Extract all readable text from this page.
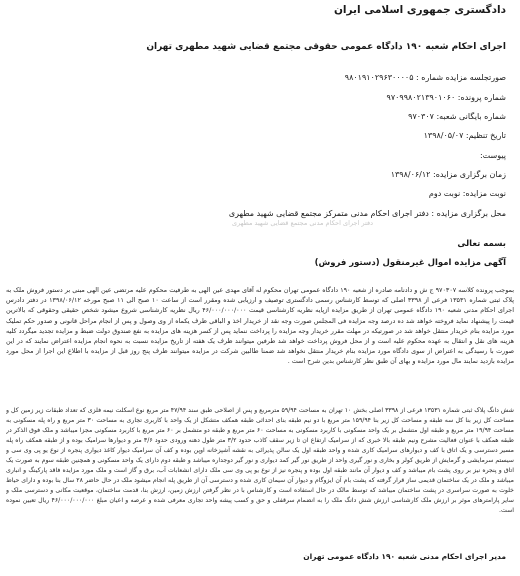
دادگستری جمهوری اسلامی ایران
اجرای احکام شعبه ۱۹۰ دادگاه عمومی حقوقی مجتمع قضایی شهید مطهری تهران
صورتجلسه مزایده شماره : ۹۸۰۱۹۱۰۲۹۶۳۰۰۰۰۵
شماره پرونده: ۹۷۰۹۹۸۰۲۱۳۹۰۱۰۶۰
شماره بایگانی شعبه: ۹۷۰۳۰۷
تاریخ تنظیم: ۱۳۹۸/۰۵/۰۷
پیوست:
زمان برگزاری مزایده: ۱۳۹۸/۰۶/۱۲
نوبت مزایده: نوبت دوم
محل برگزاری مزایده : دفتر اجرای احکام مدنی متمرکز مجتمع قضایی شهید مطهری
بسمه تعالی
آگهی مزایده اموال غیرمنقول (دستور فروش)
دفتر اجرای احکام مدنی مجتمع قضایی شهید مطهری
بموجب پرونده کلاسه ۹۷۰۳۰۷ ج ش و دادنامه صادره از شعبه ۱۹۰ دادگاه عمومی تهران محکوم له آقای مهدی عین الهی به طرفیت محکوم علیه مرتضی عین الهی مبنی بر دستور فروش ملک به پلاک ثبتی شماره ۱۳۵۳۱ فرعی از ۳۳۹۸ اصلی که توسط کارشناس رسمی دادگستری توصیف و ارزیابی شده ومقرر است از ساعت ۱۰ صبح الی ۱۱ صبح مورخه ۱۳۹۸/۰۶/۱۲ در دفتر دادرس اجرای احکام مدنی شعبه ۱۹۰ دادگاه عمومی تهران از طریق مزایده ازپایه نظریه کارشناسی قیمت ۴۶/۰۰۰/۰۰۰/۰۰۰ ریال نظریه کارشناسی شروع میشود شخص حقیقی وحقوقی که بالاترین قیمت را پیشنهاد نماید فروخته خواهد شد ده درصد وجه مزایده فی المجلس صورت وجه نقد از خریدار اخذ و الباقی ظرف یکماه از وی وصول و پس از انجام مراحل قانونی و صدور حکم تملیک مورد مزایده بنام خریدار منتقل خواهد شد در صورتیکه در مهلت مقرر خریدار وجه مزایده را پرداخت ننماید پس از کسر هزینه های مزایده به نفع صندوق دولت ضبط و مزایده تجدید میگردد کلیه هزینه های نقل و انتقال به عهده محکوم علیه است و از محل فروش پرداخت خواهد شد طرفین میتوانند ظرف یک هفته از تاریخ مزایده نسبت به نحوه انجام مزایده اعتراض نمایند که در این صورت با رسیدگی به اعتراض از سوی دادگاه مورد مزایده بنام خریدار منتقل نخواهد شد ضمنا طالبین شرکت در مزایده میتوانند ظرف پنج روز قبل از مزایده با اطلاع این اجرا از محل مورد مزایده بازدید نمایند مال مورد مزایده و بهای آن طبق نظر کارشناس بدین شرح است .
شش دانگ پلاک ثبتی شماره ۱۳۵۳۱ فرعی از ۳۳۹۸ اصلی بخش ۱۰ تهران به مساحت ۵۹/۹۴ مترمربع و پس از اصلاحی طبق سند ۴۷/۹۴ متر مربع نوع اسکلت نیمه فلزی که تعداد طبقات زیر زمین کل و مساحت کل زیر بنا کل سه طبقه و مساحت کل زیر بنا ۱۵۹/۹۴ متر مربع با دو نیم طبقه بنای احداثی طبقه همکف متشکل از یک واحد با کاربری تجاری به مساحت ۳۰ متر مربع و راه پله مسکونی به مساحت ۱۹/۹۴ متر مربع و طبقه اول متشمل بر یک واحد مسکونی با کاربرد مسکونی به مساحت ۶۰ متر مربع و طبقه دو متشمل بر ۶۰ متر مربع با کاربرد مسکونی مجزا میباشد و ملک فوق الذکر در طبقه همکف با عنوان فعالیت مشرح ونیم طبقه بالا خبری که از سرامیک ارتفاع ان تا زیر سقف کاذب حدود ۳/۲ متر طول دهنه ورودی حدود ۳/۶ متر و دیوارها سرامیک بوده و از طبقه همکف راه پله مسیر دسترسی و یک اتاق با کف و دیوارهای سرامیک کاری شده و واحد طبقه اول یک سالن پذیرائی به نقشه آشپزخانه اوپن بوده و کف آن سرامیک دیوار کاغذ دیواری پنجره از نوع یو پی وی سی و سیستم سرمایشی و گرمایش از طریق کولر و بخاری و نور گیری واحد از طریق نور گیر کمد دیواری و نور گیر دوجداره میباشد و طبقه دوم دارای یک واحد مسکونی و همچنین طبقه سوم به صورت یک اتاق و پنجره نیز بر روی پشت بام میباشد و کف و دیوار آن مانند طبقه اول بوده و پنجره نیز از نوع یو پی وی سی ملک دارای انشعابات آب، برق و گاز است و ملک مورد مزایده فاقد پارکینگ و انباری میباشد و ملک در یک ساختمان قدیمی ساز قرار گرفته که پشت بام آن ایزوگام و دیوار آن سیمان کاری شده و دسترسی آن از طریق پله انجام میشود ملک در حال حاضر ۲۸ سال بنا بوده و دارای حیاط خلوت به صورت سراسری در پشت ساختمان میباشد که توسط مالک در حال استفاده است و کارشناس با در نظر گرفتن ارزش زمین، ارزش بنا، قدمت ساختمان، موقعیت مکانی و دسترسی ملک و سایر پارامترهای موثر بر ارزش ملک کارشناسی ارزش شش دانگ ملک را به انضمام سرقفلی و حق و کسب پیشه واحد تجاری معرفی شده و عرصه و اعیان مبلغ ۴۶/۰۰۰/۰۰۰/۰۰۰ ریال تعیین نموده است.
مدیر اجرای احکام مدنی شعبه ۱۹۰ دادگاه عمومی تهران
